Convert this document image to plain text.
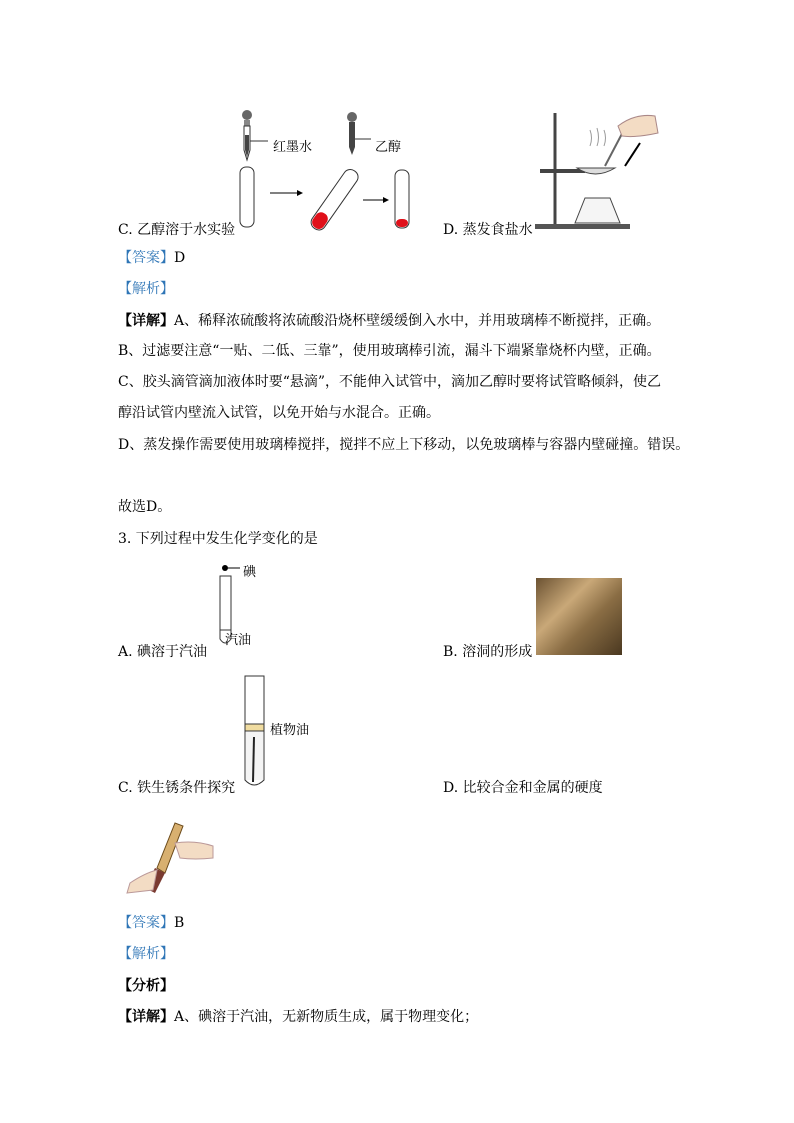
红墨水	乙醇
C. 乙醇溶于水实验	D. 蒸发食盐水
【答案】D
【解析】
【详解】A、稀释浓硫酸将浓硫酸沿烧杯壁缓缓倒入水中，并用玻璃棒不断搅拌，正确。
B、过滤要注意“一贴、二低、三靠”，使用玻璃棒引流，漏斗下端紧靠烧杯内壁，正确。
C、胶头滴管滴加液体时要“悬滴”，不能伸入试管中，滴加乙醇时要将试管略倾斜，使乙
醇沿试管内壁流入试管，以免开始与水混合。正确。
D、蒸发操作需要使用玻璃棒搅拌，搅拌不应上下移动，以免玻璃棒与容器内壁碰撞。错误。
故选D。
3. 下列过程中发生化学变化的是
碘
汽油
A. 碘溶于汽油	B. 溶洞的形成
植物油
C. 铁生锈条件探究	D. 比较合金和金属的硬度
【答案】B
【解析】
【分析】
【详解】A、碘溶于汽油，无新物质生成，属于物理变化；
